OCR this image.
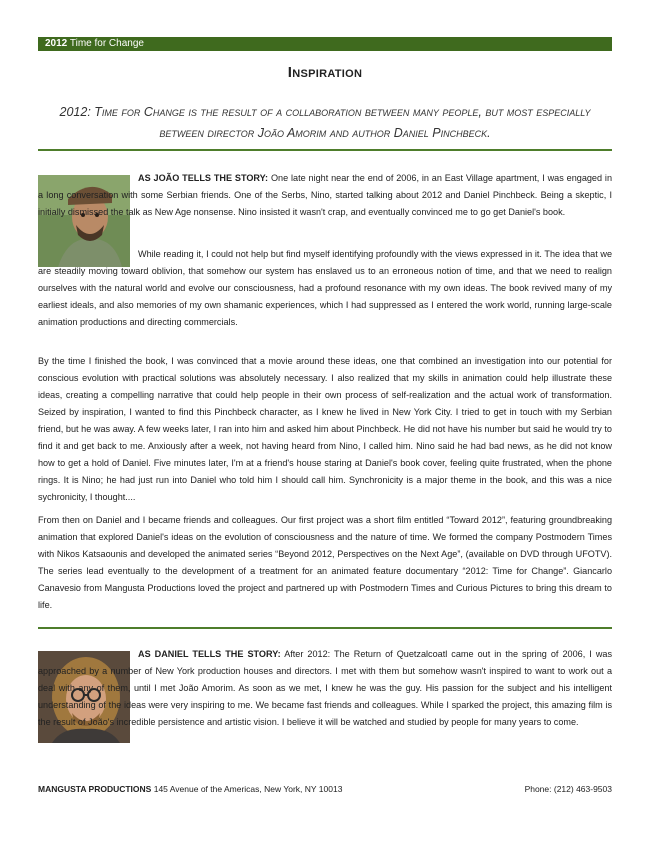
2012 Time for Change
Inspiration
2012: Time for Change is the result of a collaboration between many people, but most especially between director João Amorim and author Daniel Pinchbeck.
AS JOÃO TELLS THE STORY: One late night near the end of 2006, in an East Village apartment, I was engaged in a long conversation with some Serbian friends. One of the Serbs, Nino, started talking about 2012 and Daniel Pinchbeck. Being a skeptic, I initially dismissed the talk as New Age nonsense. Nino insisted it wasn't crap, and eventually convinced me to go get Daniel's book.
While reading it, I could not help but find myself identifying profoundly with the views expressed in it. The idea that we are steadily moving toward oblivion, that somehow our system has enslaved us to an erroneous notion of time, and that we need to realign ourselves with the natural world and evolve our consciousness, had a profound resonance with my own ideas. The book revived many of my earliest ideals, and also memories of my own shamanic experiences, which I had suppressed as I entered the work world, running large-scale animation productions and directing commercials.
By the time I finished the book, I was convinced that a movie around these ideas, one that combined an investigation into our potential for conscious evolution with practical solutions was absolutely necessary. I also realized that my skills in animation could help illustrate these ideas, creating a compelling narrative that could help people in their own process of self-realization and the actual work of transformation. Seized by inspiration, I wanted to find this Pinchbeck character, as I knew he lived in New York City. I tried to get in touch with my Serbian friend, but he was away. A few weeks later, I ran into him and asked him about Pinchbeck. He did not have his number but said he would try to find it and get back to me. Anxiously after a week, not having heard from Nino, I called him. Nino said he had bad news, as he did not know how to get a hold of Daniel. Five minutes later, I'm at a friend's house staring at Daniel's book cover, feeling quite frustrated, when the phone rings. It is Nino; he had just run into Daniel who told him I should call him. Synchronicity is a major theme in the book, and this was a nice sychronicity, I thought....
From then on Daniel and I became friends and colleagues. Our first project was a short film entitled “Toward 2012”, featuring groundbreaking animation that explored Daniel's ideas on the evolution of consciousness and the nature of time. We formed the company Postmodern Times with Nikos Katsaounis and developed the animated series “Beyond 2012, Perspectives on the Next Age”, (available on DVD through UFOTV). The series lead eventually to the development of a treatment for an animated feature documentary “2012: Time for Change”. Giancarlo Canavesio from Mangusta Productions loved the project and partnered up with Postmodern Times and Curious Pictures to bring this dream to life.
AS DANIEL TELLS THE STORY: After 2012: The Return of Quetzalcoatl came out in the spring of 2006, I was approached by a number of New York production houses and directors. I met with them but somehow wasn't inspired to want to work out a deal with any of them, until I met João Amorim. As soon as we met, I knew he was the guy. His passion for the subject and his intelligent understanding of the ideas were very inspiring to me. We became fast friends and colleagues. While I sparked the project, this amazing film is the result of João's incredible persistence and artistic vision. I believe it will be watched and studied by people for many years to come.
MANGUSTA PRODUCTIONS 145 Avenue of the Americas, New York, NY 10013	Phone: (212) 463-9503
